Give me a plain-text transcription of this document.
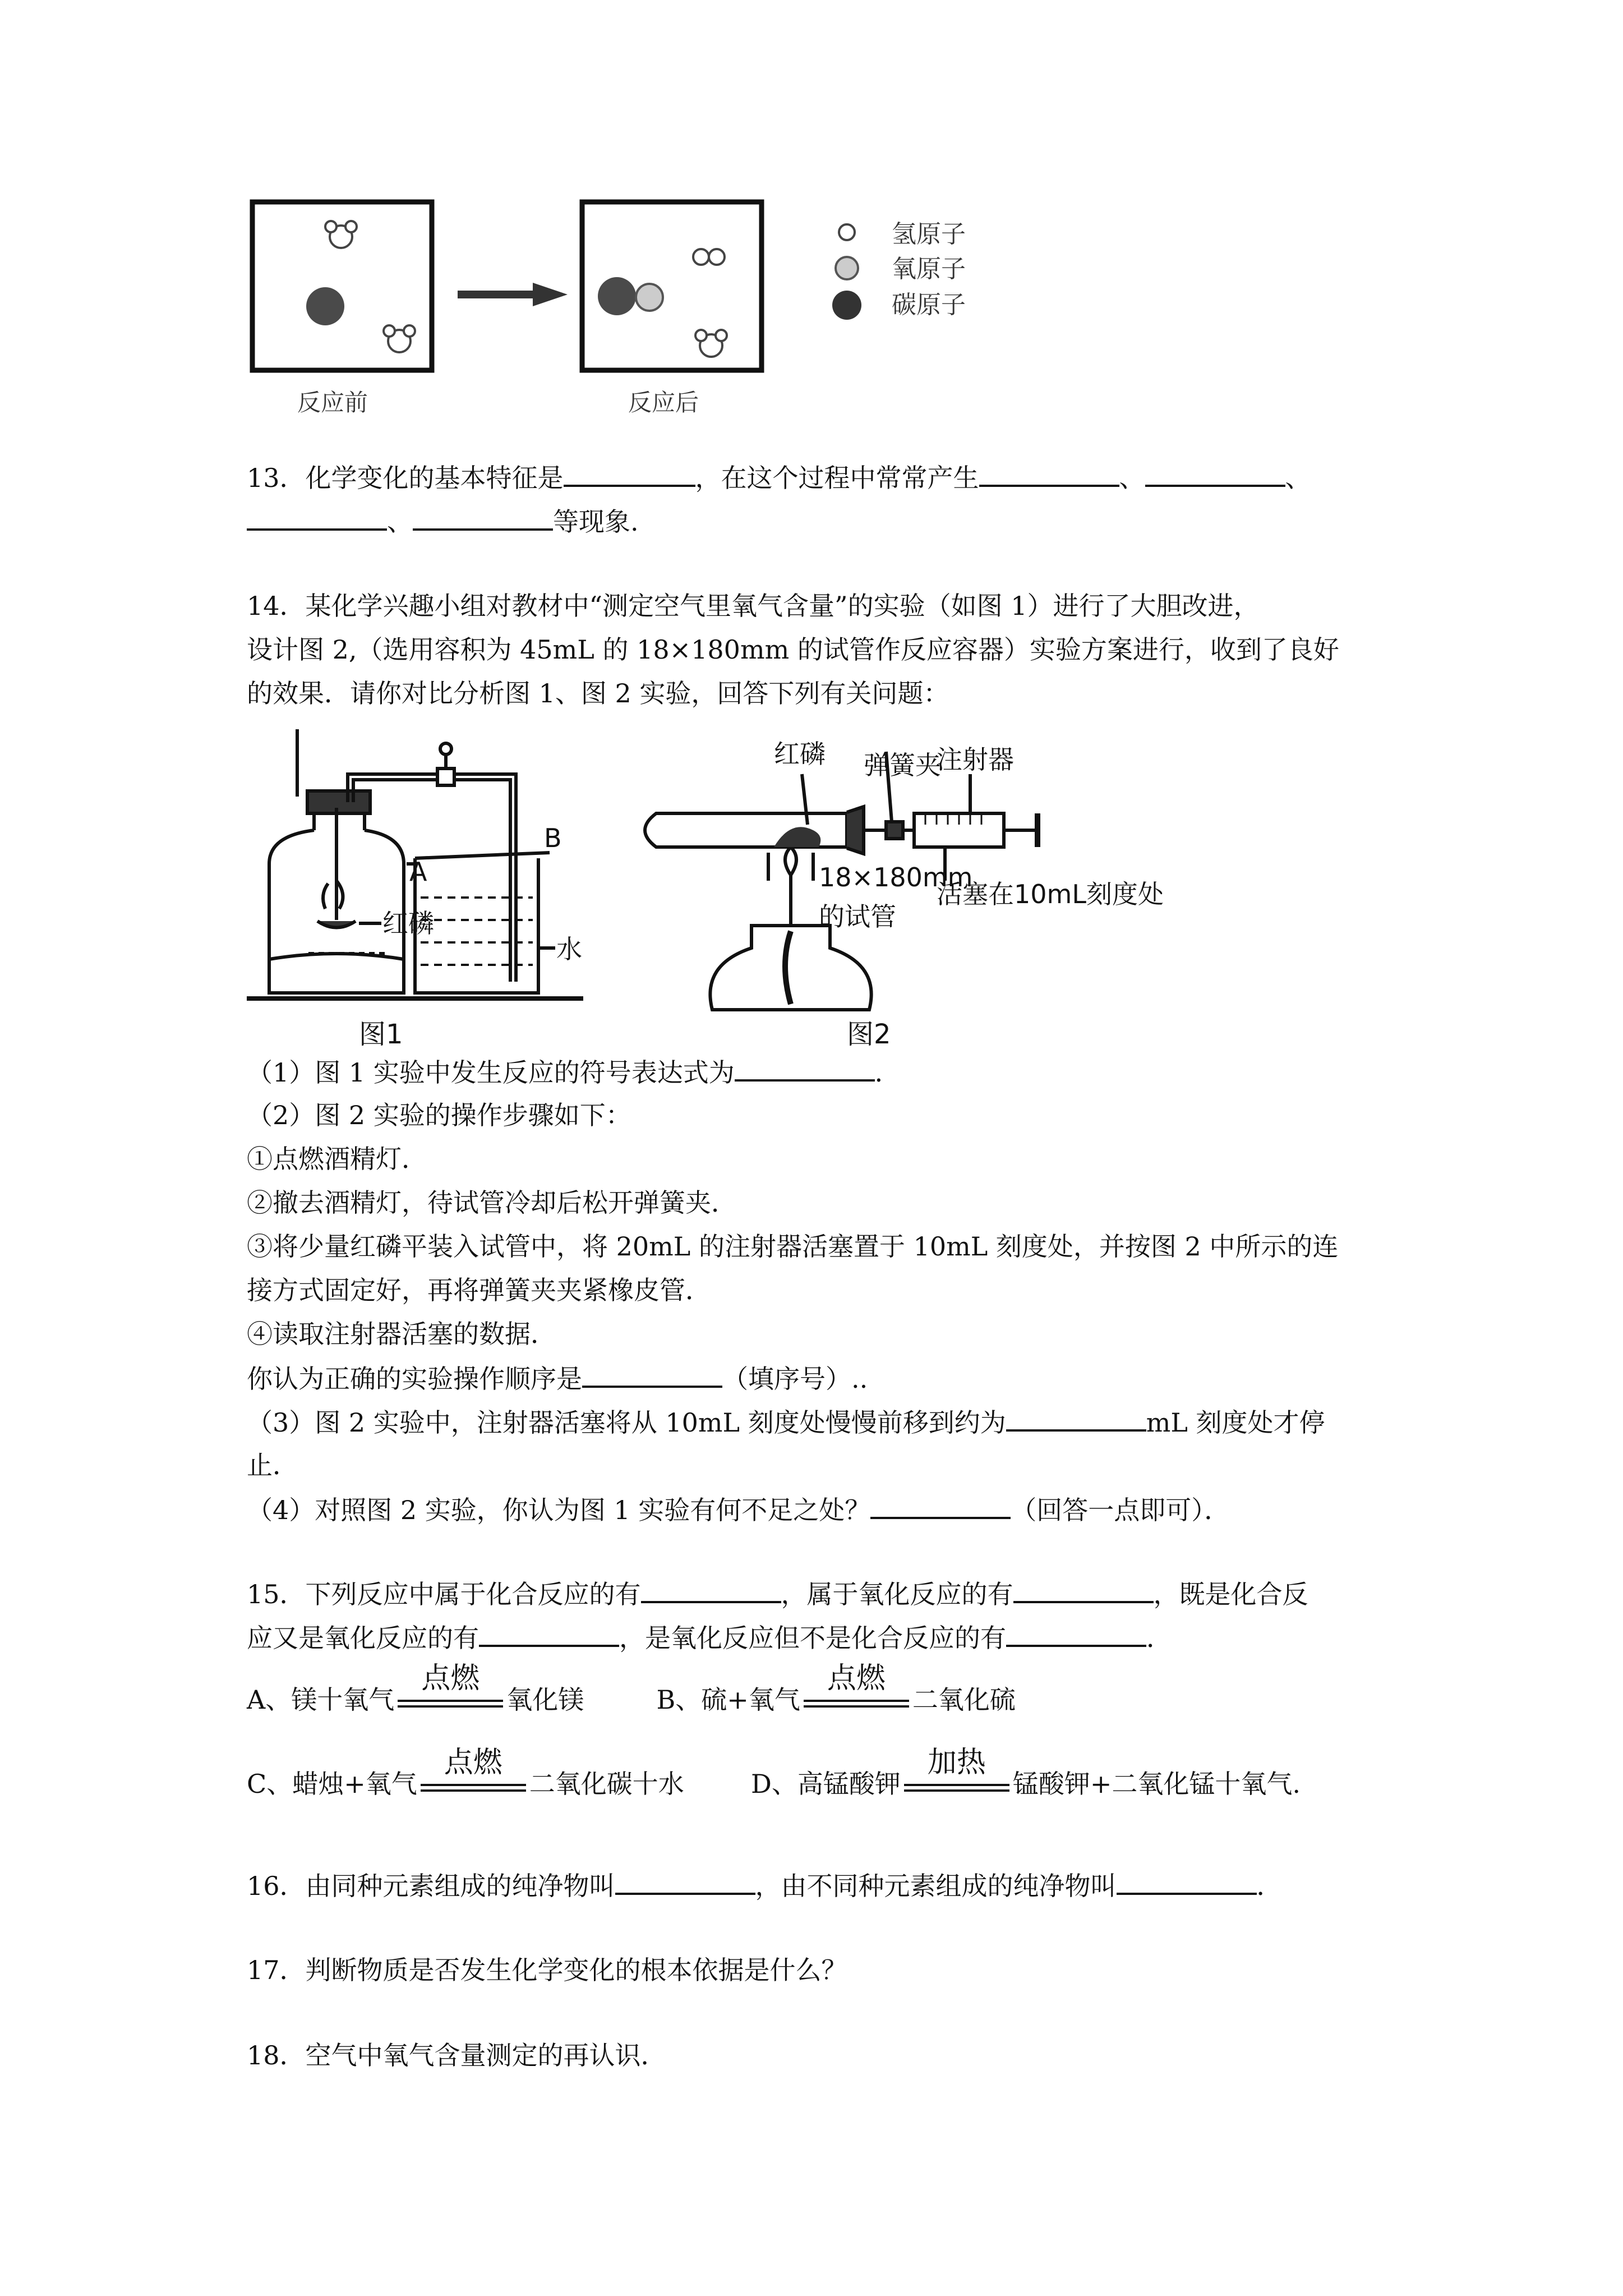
氢原子
氧原子
碳原子
反应前	反应后
13．化学变化的基本特征是	，在这个过程中常常产生	、	、
、	等现象.
14．某化学兴趣小组对教材中“测定空气里氧气含量”的实验（如图 1）进行了大胆改进，
设计图 2,（选用容积为 45mL 的 18×180mm 的试管作反应容器）实验方案进行，收到了良好
的效果．请你对比分析图 1、图 2 实验，回答下列有关问题：
A
B
红磷
水
图1
红磷 弹簧夹
注射器
18×180mm
的试管
活塞在10mL刻度处
图2
（1）图 1 实验中发生反应的符号表达式为	．
（2）图 2 实验的操作步骤如下：
①点燃酒精灯．
②撤去酒精灯，待试管冷却后松开弹簧夹．
③将少量红磷平装入试管中，将 20mL 的注射器活塞置于 10mL 刻度处，并按图 2 中所示的连
接方式固定好，再将弹簧夹夹紧橡皮管．
④读取注射器活塞的数据．
你认为正确的实验操作顺序是	（填序号）..
（3）图 2 实验中，注射器活塞将从 10mL 刻度处慢慢前移到约为	mL 刻度处才停
止．
（4）对照图 2 实验，你认为图 1 实验有何不足之处？	（回答一点即可）．
15．下列反应中属于化合反应的有	，属于氧化反应的有	，既是化合反
应又是氧化反应的有	，是氧化反应但不是化合反应的有	．
A、镁十氧气
点燃
氧化镁	B、硫+氧气
点燃
二氧化硫
C、蜡烛+氧气
点燃
二氧化碳十水	D、高锰酸钾
加热
锰酸钾+二氧化锰十氧气.
16．由同种元素组成的纯净物叫	，由不同种元素组成的纯净物叫	．
17．判断物质是否发生化学变化的根本依据是什么？
18．空气中氧气含量测定的再认识．
